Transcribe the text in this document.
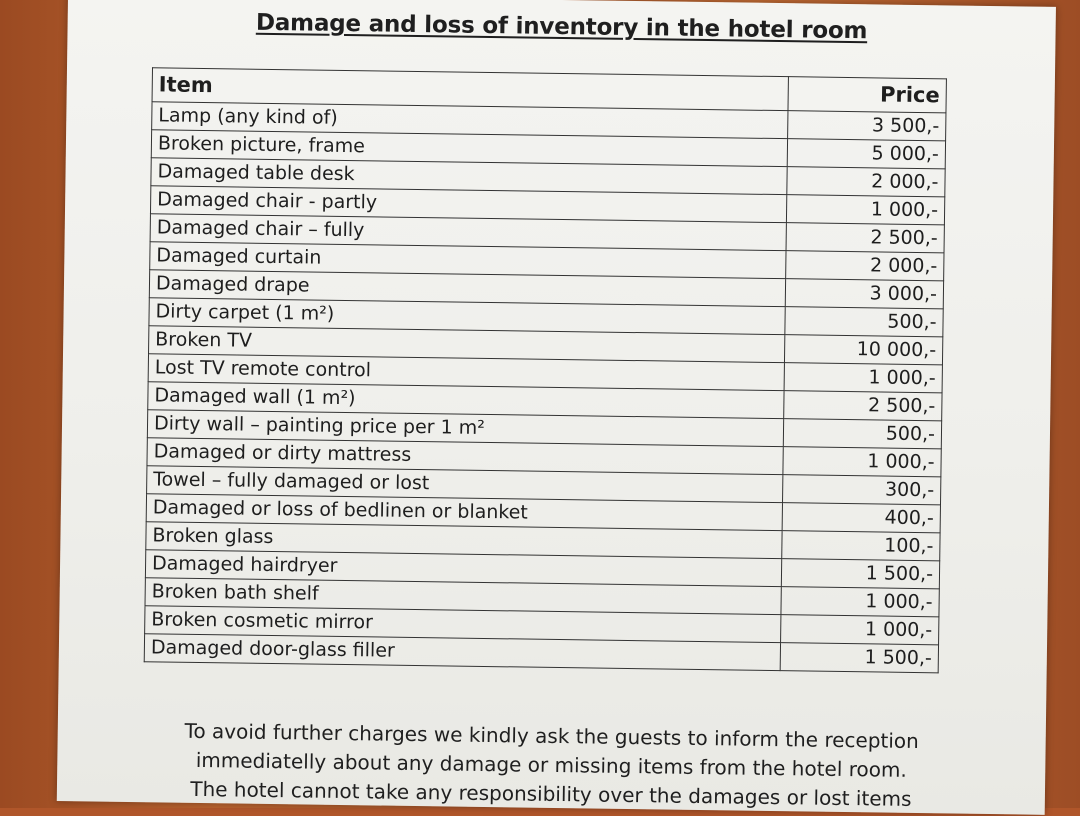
Damage and loss of inventory in the hotel room
Item	Price
Lamp (any kind of)	3 500,-
Broken picture, frame	5 000,-
Damaged table desk	2 000,-
Damaged chair - partly	1 000,-
Damaged chair – fully	2 500,-
Damaged curtain	2 000,-
Damaged drape	3 000,-
Dirty carpet (1 m²)	500,-
Broken TV	10 000,-
Lost TV remote control	1 000,-
Damaged wall (1 m²)	2 500,-
Dirty wall – painting price per 1 m²	500,-
Damaged or dirty mattress	1 000,-
Towel – fully damaged or lost	300,-
Damaged or loss of bedlinen or blanket	400,-
Broken glass	100,-
Damaged hairdryer	1 500,-
Broken bath shelf	1 000,-
Broken cosmetic mirror	1 000,-
Damaged door-glass filler	1 500,-
To avoid further charges we kindly ask the guests to inform the reception
immediatelly about any damage or missing items from the hotel room.
The hotel cannot take any responsibility over the damages or lost items
